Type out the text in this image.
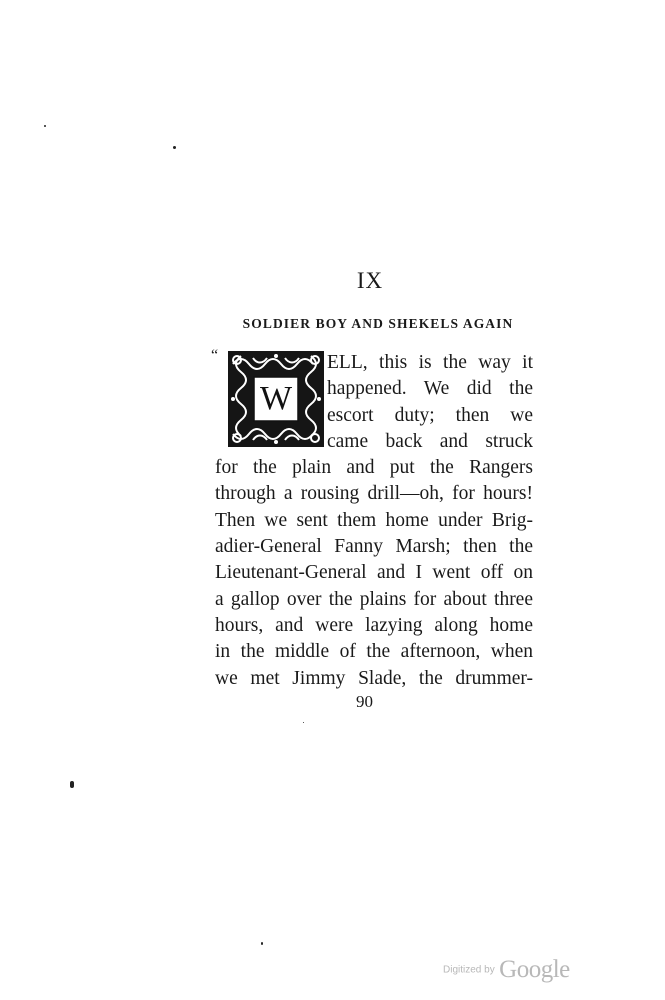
IX
SOLDIER BOY AND SHEKELS AGAIN
“
W
ELL, this is the way it
happened. We did the
escort duty; then we
came back and struck
for the plain and put the Rangers
through a rousing drill—oh, for hours!
Then we sent them home under Brig-
adier-General Fanny Marsh; then the
Lieutenant-General and I went off on
a gallop over the plains for about three
hours, and were lazying along home
in the middle of the afternoon, when
we met Jimmy Slade, the drummer-
90
Digitized by Google
